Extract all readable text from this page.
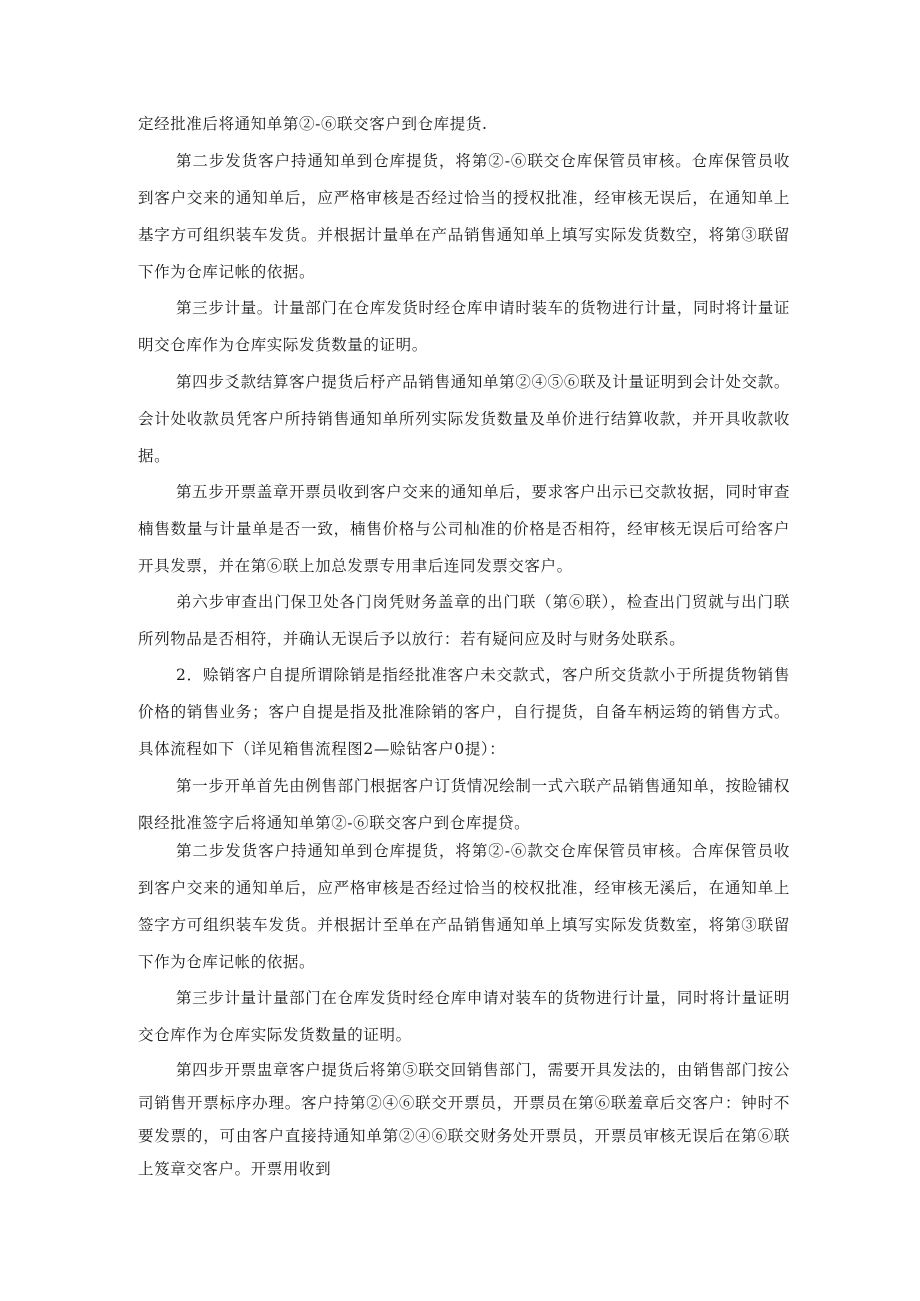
定经批准后将通知单第②-⑥联交客户到仓库提货.

第二步发货客户持通知单到仓库提货，将第②-⑥联交仓库保管员审核。仓库保管员收到客户交来的通知单后，应严格审核是否经过恰当的授权批准，经审核无误后，在通知单上基字方可组织装车发货。并根据计量单在产品销售通知单上填写实际发货数空，将第③联留下作为仓库记帐的依据。

第三步计量。计量部门在仓库发货时经仓库申请时装车的货物进行计量，同时将计量证明交仓库作为仓库实际发货数量的证明。

第四步爻款结算客户提货后杼产品销售通知单第②④⑤⑥联及计量证明到会计处交款。会计处收款员凭客户所持销售通知单所列实际发货数量及单价进行结算收款，并开具收款收据。

第五步开票盖章开票员收到客户交来的通知单后，要求客户出示已交款妆据，同时审查楠售数量与计量单是否一致，楠售价格与公司杣准的价格是否相符，经审核无误后可给客户开具发票，并在第⑥联上加总发票专用聿后连同发票交客户。

弟六步审查出门保卫处各门岗凭财务盖章的出门联（第⑥联），检查出门贸就与出门联所列物品是否相符，并确认无误后予以放行：若有疑问应及时与财务处联系。

2．赊销客户自提所谓除销是指经批准客户未交款式，客户所交货款小于所提货物销售价格的销售业务；客户自提是指及批准除销的客户，自行提货，自备车柄运筠的销售方式。具体流程如下（详见箱售流程图2—赊钻客户0提）：

第一步开单首先由例售部门根据客户订货情况绘制一式六联产品销售通知单，按睑铺权限经批准签字后将通知单第②-⑥联交客户到仓库提贷。

第二步发货客户持通知单到仓库提货，将第②-⑥款交仓库保管员审核。合库保管员收到客户交来的通知单后，应严格审核是否经过恰当的校权批准，经审核无溪后，在通知单上签字方可组织装车发货。并根据计至单在产品销售通知单上填写实际发货数室，将第③联留下作为仓库记帐的依据。

第三步计量计量部门在仓库发货时经仓库申请对装车的货物进行计量，同时将计量证明交仓库作为仓库实际发货数量的证明。

第四步开票盅章客户提货后将第⑤联交回销售部门，需要开具发法的，由销售部门按公司销售开票标序办理。客户持第②④⑥联交开票员，开票员在第⑥联羞章后交客户：钟时不要发票的，可由客户直接持通知单第②④⑥联交财务处开票员，开票员审核无误后在第⑥联上笈章交客户。开票用收到
